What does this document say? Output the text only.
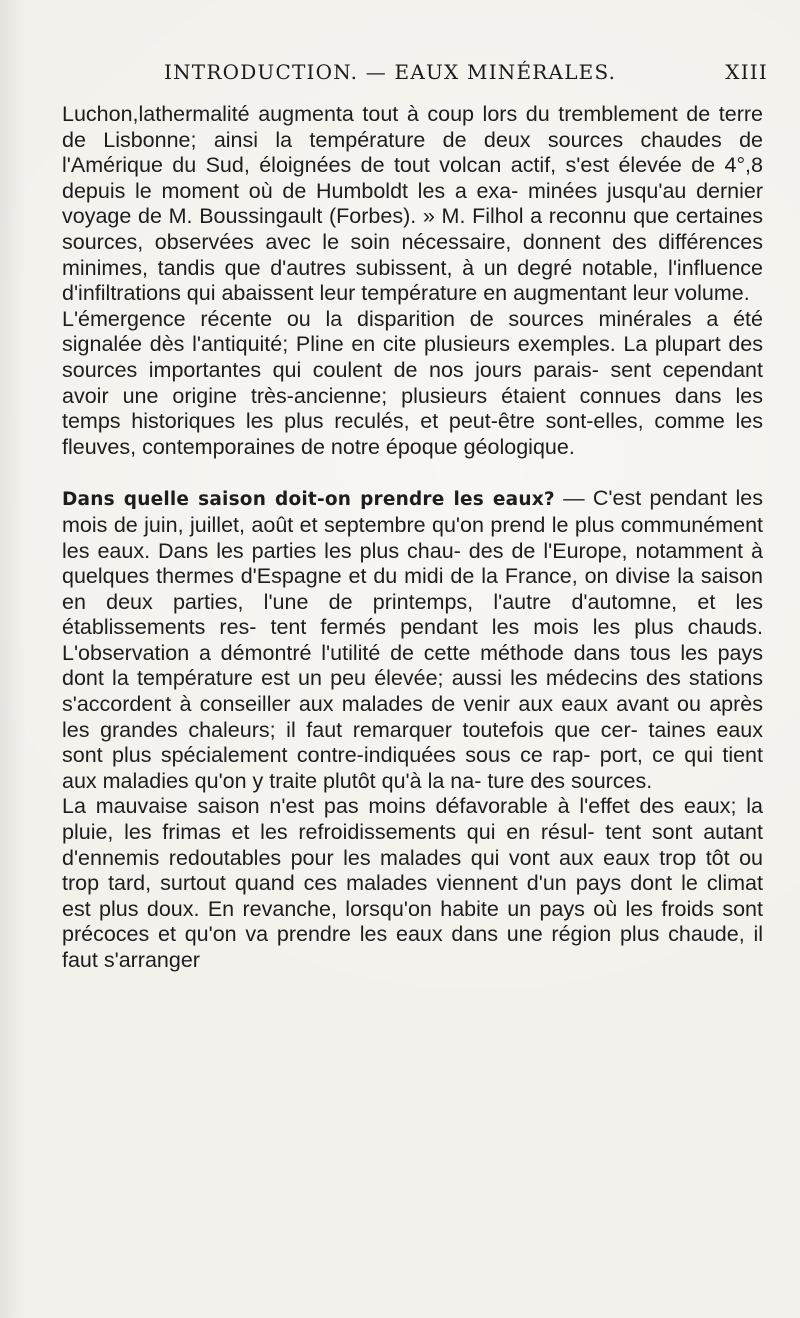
INTRODUCTION. — EAUX MINÉRALES.	XIII

Luchon,lathermalité augmenta tout à coup lors du tremblement de terre de Lisbonne; ainsi la température de deux sources chaudes de l'Amérique du Sud, éloignées de tout volcan actif, s'est élevée de 4°,8 depuis le moment où de Humboldt les a exa- minées jusqu'au dernier voyage de M. Boussingault (Forbes). » M. Filhol a reconnu que certaines sources, observées avec le soin nécessaire, donnent des différences minimes, tandis que d'autres subissent, à un degré notable, l'influence d'infiltrations qui abaissent leur température en augmentant leur volume.

L'émergence récente ou la disparition de sources minérales a été signalée dès l'antiquité; Pline en cite plusieurs exemples. La plupart des sources importantes qui coulent de nos jours parais- sent cependant avoir une origine très-ancienne; plusieurs étaient connues dans les temps historiques les plus reculés, et peut-être sont-elles, comme les fleuves, contemporaines de notre époque géologique.

Dans quelle saison doit-on prendre les eaux? — C'est pendant les mois de juin, juillet, août et septembre qu'on prend le plus communément les eaux. Dans les parties les plus chau- des de l'Europe, notamment à quelques thermes d'Espagne et du midi de la France, on divise la saison en deux parties, l'une de printemps, l'autre d'automne, et les établissements res- tent fermés pendant les mois les plus chauds. L'observation a démontré l'utilité de cette méthode dans tous les pays dont la température est un peu élevée; aussi les médecins des stations s'accordent à conseiller aux malades de venir aux eaux avant ou après les grandes chaleurs; il faut remarquer toutefois que cer- taines eaux sont plus spécialement contre-indiquées sous ce rap- port, ce qui tient aux maladies qu'on y traite plutôt qu'à la na- ture des sources.

La mauvaise saison n'est pas moins défavorable à l'effet des eaux; la pluie, les frimas et les refroidissements qui en résul- tent sont autant d'ennemis redoutables pour les malades qui vont aux eaux trop tôt ou trop tard, surtout quand ces malades viennent d'un pays dont le climat est plus doux. En revanche, lorsqu'on habite un pays où les froids sont précoces et qu'on va prendre les eaux dans une région plus chaude, il faut s'arranger
